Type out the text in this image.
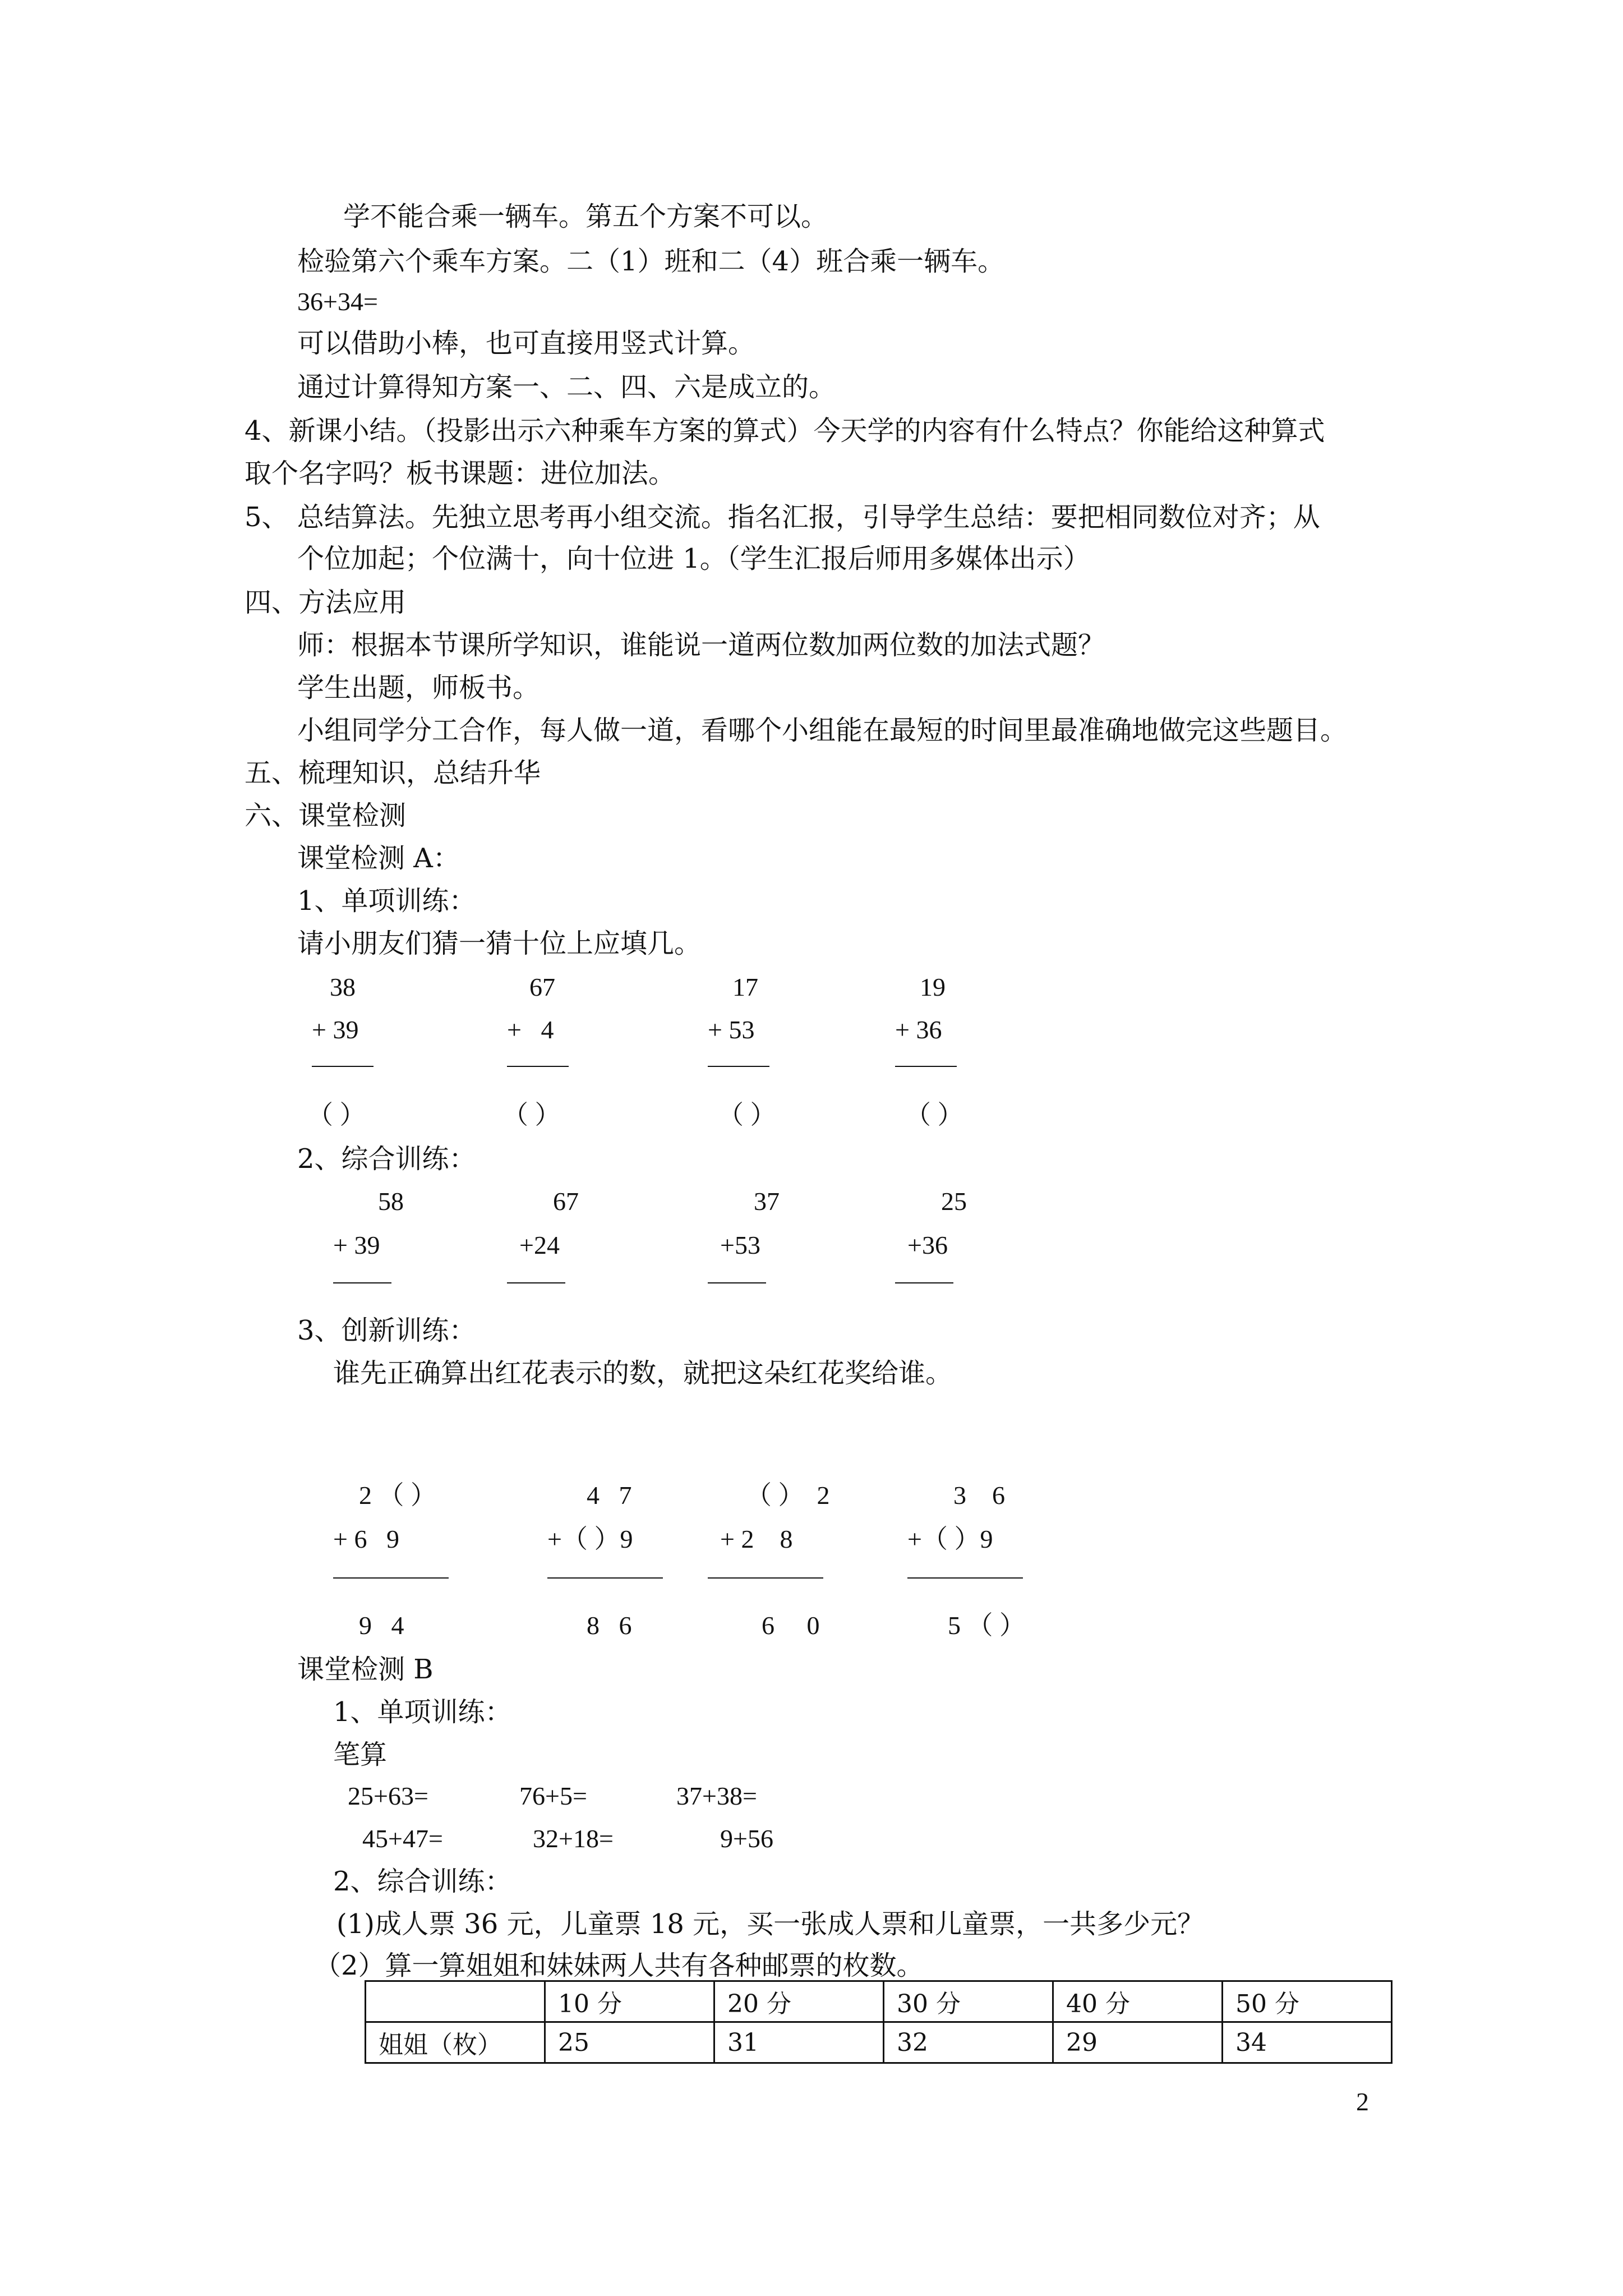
学不能合乘一辆车。第五个方案不可以。
检验第六个乘车方案。二（1）班和二（4）班合乘一辆车。
36+34=
可以借助小棒，也可直接用竖式计算。
通过计算得知方案一、二、四、六是成立的。
4、新课小结。（投影出示六种乘车方案的算式）今天学的内容有什么特点？你能给这种算式
取个名字吗？板书课题：进位加法。
5、 总结算法。先独立思考再小组交流。指名汇报，引导学生总结：要把相同数位对齐；从
个位加起；个位满十，向十位进 1。（学生汇报后师用多媒体出示）
四、方法应用
师：根据本节课所学知识，谁能说一道两位数加两位数的加法式题？
学生出题，师板书。
小组同学分工合作，每人做一道，看哪个小组能在最短的时间里最准确地做完这些题目。
五、梳理知识，总结升华
六、课堂检测
课堂检测 A：
1、单项训练：
请小朋友们猜一猜十位上应填几。
38
+ 39
（ ）
67
+   4
（ ）
17
+ 53
（ ）
19
+ 36
（ ）
2、综合训练：
58
+ 39
67
+24
37
+53
25
+36
3、创新训练：
谁先正确算出红花表示的数，就把这朵红花奖给谁。
2 （ ）
+ 6   9
9   4
4   7
+（ ）9
8   6
（ ）  2
+ 2    8
6     0
3    6
+（ ）9
5 （ ）
课堂检测 B
1、单项训练：
笔算
25+63=	76+5=	37+38=
45+47=	32+18=	9+56
2、综合训练：
(1)成人票 36 元，儿童票 18 元，买一张成人票和儿童票，一共多少元？
（2）算一算姐姐和妹妹两人共有各种邮票的枚数。
	10 分	20 分	30 分	40 分	50 分
姐姐（枚）	25	31	32	29	34
2
